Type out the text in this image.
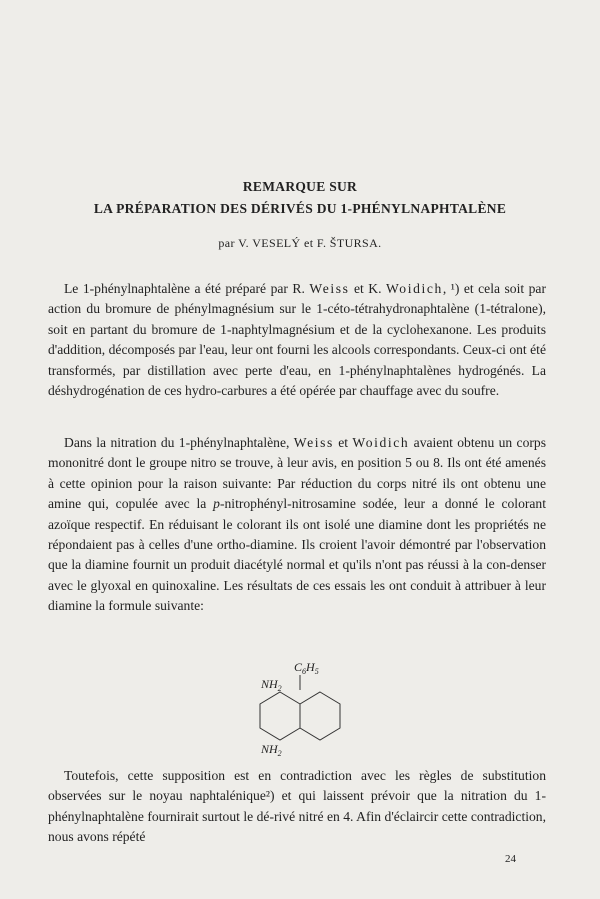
REMARQUE SUR
LA PRÉPARATION DES DÉRIVÉS DU 1-PHÉNYLNAPHTALÈNE
par V. VESELÝ et F. ŠTURSA.

Le 1-phénylnaphtalène a été préparé par R. Weiss et K. Woidich, ¹) et cela soit par action du bromure de phénylmagnésium sur le 1-céto-tétrahydronaphtalène (1-tétralone), soit en partant du bromure de 1-naphtylmagnésium et de la cyclohexanone. Les produits d'addition, décomposés par l'eau, leur ont fourni les alcools correspondants. Ceux-ci ont été transformés, par distillation avec perte d'eau, en 1-phénylnaphtalènes hydrogénés. La déshydrogénation de ces hydro-carbures a été opérée par chauffage avec du soufre.

Dans la nitration du 1-phénylnaphtalène, Weiss et Woidich avaient obtenu un corps mononitré dont le groupe nitro se trouve, à leur avis, en position 5 ou 8. Ils ont été amenés à cette opinion pour la raison suivante: Par réduction du corps nitré ils ont obtenu une amine qui, copulée avec la p-nitrophényl-nitrosamine sodée, leur a donné le colorant azoïque respectif. En réduisant le colorant ils ont isolé une diamine dont les propriétés ne répondaient pas à celles d'une ortho-diamine. Ils croient l'avoir démontré par l'observation que la diamine fournit un produit diacétylé normal et qu'ils n'ont pas réussi à la con-denser avec le glyoxal en quinoxaline. Les résultats de ces essais les ont conduit à attribuer à leur diamine la formule suivante:

$C_6H_5$
$NH_2$
$NH_2$

Toutefois, cette supposition est en contradiction avec les règles de substitution observées sur le noyau naphtalénique²) et qui laissent prévoir que la nitration du 1-phénylnaphtalène fournirait surtout le dé-rivé nitré en 4. Afin d'éclaircir cette contradiction, nous avons répété

24
